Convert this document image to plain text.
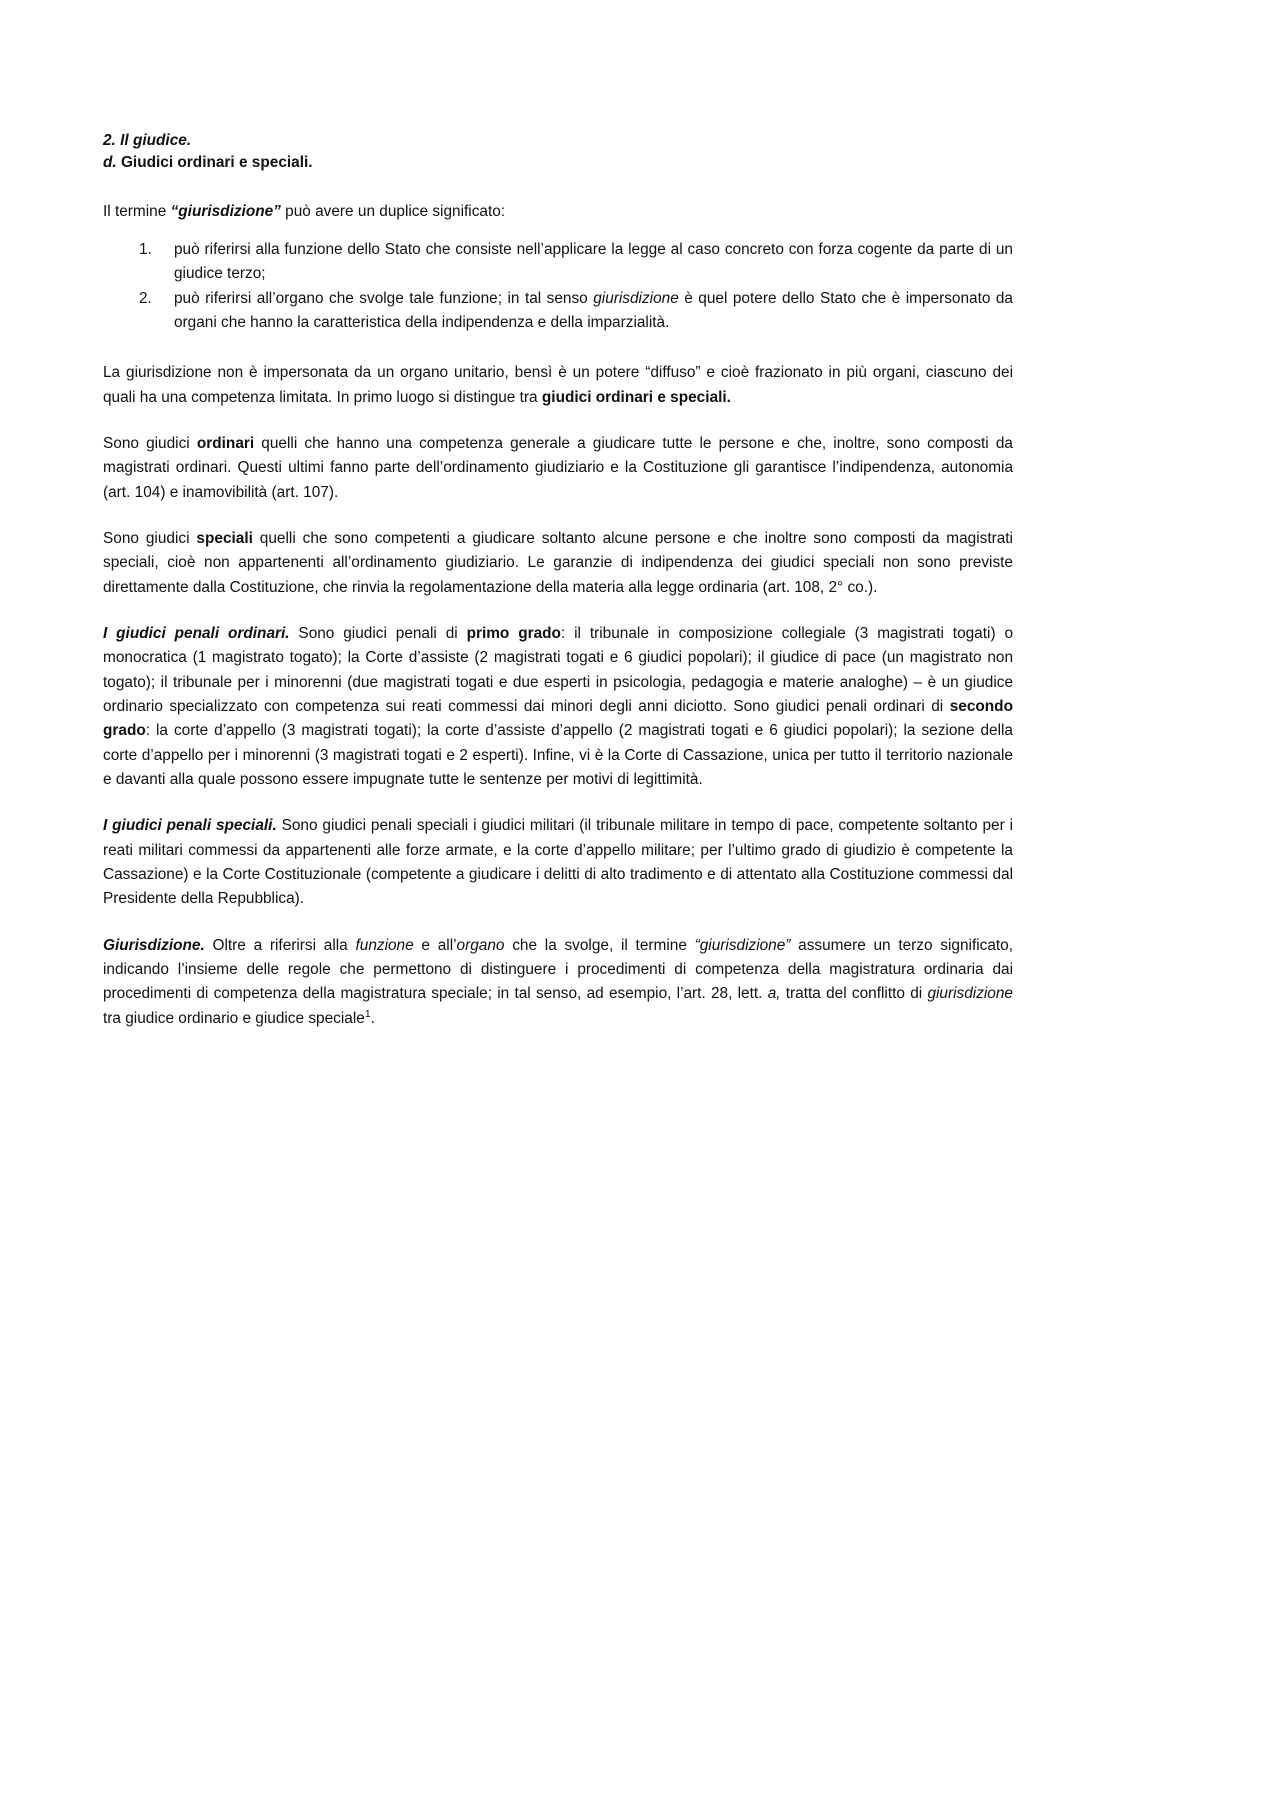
2. Il giudice.
d. Giudici ordinari e speciali.

Il termine “giurisdizione” può avere un duplice significato:

1.	può riferirsi alla funzione dello Stato che consiste nell’applicare la legge al caso concreto con forza cogente da parte di un giudice terzo;
2.	può riferirsi all’organo che svolge tale funzione; in tal senso giurisdizione è quel potere dello Stato che è impersonato da organi che hanno la caratteristica della indipendenza e della imparzialità.

La giurisdizione non è impersonata da un organo unitario, bensì è un potere “diffuso” e cioè frazionato in più organi, ciascuno dei quali ha una competenza limitata. In primo luogo si distingue tra giudici ordinari e speciali.

Sono giudici ordinari quelli che hanno una competenza generale a giudicare tutte le persone e che, inoltre, sono composti da magistrati ordinari. Questi ultimi fanno parte dell’ordinamento giudiziario e la Costituzione gli garantisce l’indipendenza, autonomia (art. 104) e inamovibilità (art. 107).

Sono giudici speciali quelli che sono competenti a giudicare soltanto alcune persone e che inoltre sono composti da magistrati speciali, cioè non appartenenti all’ordinamento giudiziario. Le garanzie di indipendenza dei giudici speciali non sono previste direttamente dalla Costituzione, che rinvia la regolamentazione della materia alla legge ordinaria (art. 108, 2° co.).

I giudici penali ordinari. Sono giudici penali di primo grado: il tribunale in composizione collegiale (3 magistrati togati) o monocratica (1 magistrato togato); la Corte d’assiste (2 magistrati togati e 6 giudici popolari); il giudice di pace (un magistrato non togato); il tribunale per i minorenni (due magistrati togati e due esperti in psicologia, pedagogia e materie analoghe) – è un giudice ordinario specializzato con competenza sui reati commessi dai minori degli anni diciotto. Sono giudici penali ordinari di secondo grado: la corte d’appello (3 magistrati togati); la corte d’assiste d’appello (2 magistrati togati e 6 giudici popolari); la sezione della corte d’appello per i minorenni (3 magistrati togati e 2 esperti). Infine, vi è la Corte di Cassazione, unica per tutto il territorio nazionale e davanti alla quale possono essere impugnate tutte le sentenze per motivi di legittimità.

I giudici penali speciali. Sono giudici penali speciali i giudici militari (il tribunale militare in tempo di pace, competente soltanto per i reati militari commessi da appartenenti alle forze armate, e la corte d’appello militare; per l’ultimo grado di giudizio è competente la Cassazione) e la Corte Costituzionale (competente a giudicare i delitti di alto tradimento e di attentato alla Costituzione commessi dal Presidente della Repubblica).

Giurisdizione. Oltre a riferirsi alla funzione e all’organo che la svolge, il termine “giurisdizione” assumere un terzo significato, indicando l’insieme delle regole che permettono di distinguere i procedimenti di competenza della magistratura ordinaria dai procedimenti di competenza della magistratura speciale; in tal senso, ad esempio, l’art. 28, lett. a, tratta del conflitto di giurisdizione tra giudice ordinario e giudice speciale$^1$.
